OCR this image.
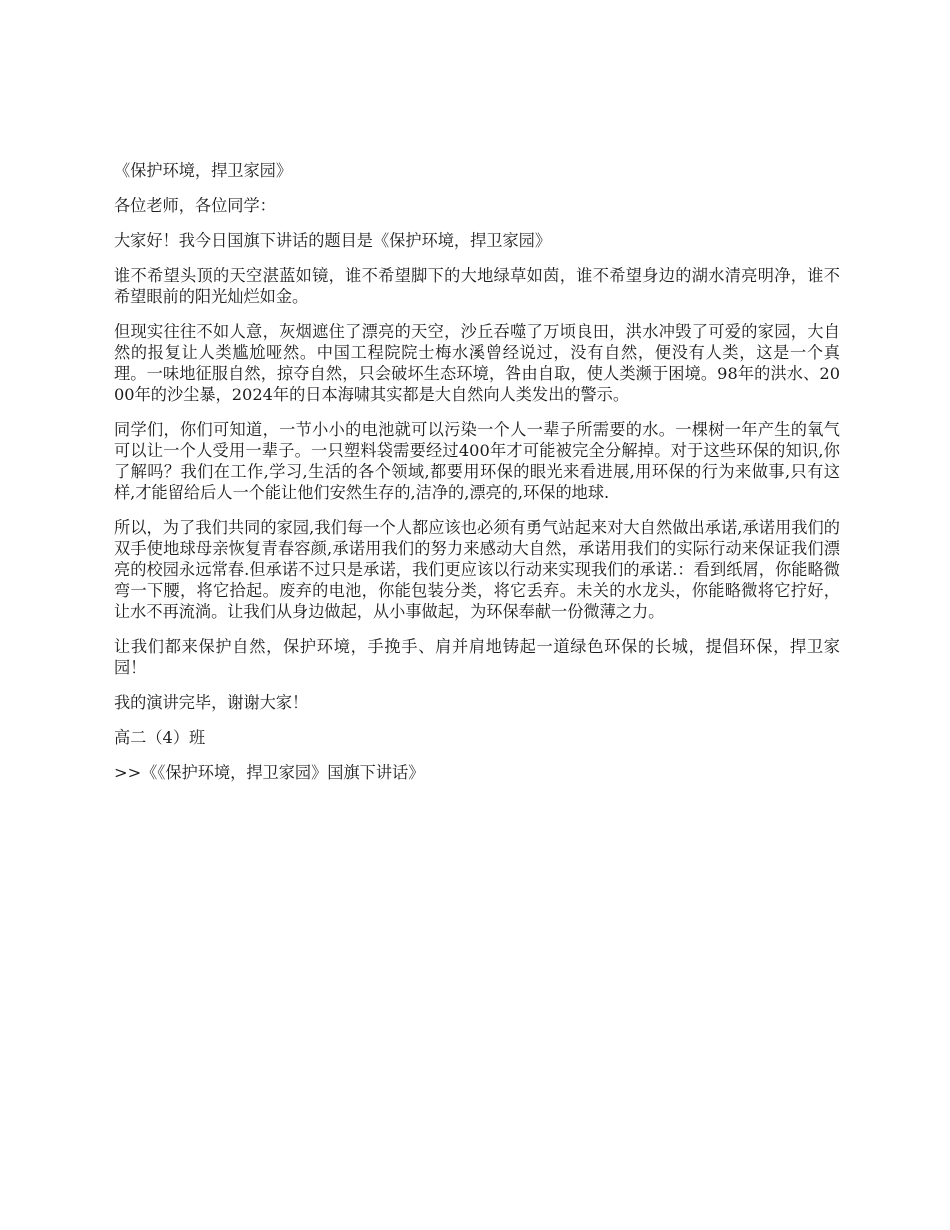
《保护环境，捍卫家园》

各位老师，各位同学：

大家好！我今日国旗下讲话的题目是《保护环境，捍卫家园》

谁不希望头顶的天空湛蓝如镜，谁不希望脚下的大地绿草如茵，谁不希望身边的湖水清亮明净，谁不希望眼前的阳光灿烂如金。

但现实往往不如人意，灰烟遮住了漂亮的天空，沙丘吞噬了万顷良田，洪水冲毁了可爱的家园，大自然的报复让人类尴尬哑然。中国工程院院士梅水溪曾经说过，没有自然，便没有人类，这是一个真理。一味地征服自然，掠夺自然，只会破坏生态环境，咎由自取，使人类濒于困境。98年的洪水、2000年的沙尘暴，2024年的日本海啸其实都是大自然向人类发出的警示。

同学们，你们可知道，一节小小的电池就可以污染一个人一辈子所需要的水。一棵树一年产生的氧气可以让一个人受用一辈子。一只塑料袋需要经过400年才可能被完全分解掉。对于这些环保的知识,你了解吗？我们在工作,学习,生活的各个领域,都要用环保的眼光来看进展,用环保的行为来做事,只有这样,才能留给后人一个能让他们安然生存的,洁净的,漂亮的,环保的地球.

所以，为了我们共同的家园,我们每一个人都应该也必须有勇气站起来对大自然做出承诺,承诺用我们的双手使地球母亲恢复青春容颜,承诺用我们的努力来感动大自然，承诺用我们的实际行动来保证我们漂亮的校园永远常春.但承诺不过只是承诺，我们更应该以行动来实现我们的承诺.：看到纸屑，你能略微弯一下腰，将它拾起。废弃的电池，你能包装分类，将它丢弃。未关的水龙头，你能略微将它拧好，让水不再流淌。让我们从身边做起，从小事做起，为环保奉献一份微薄之力。

让我们都来保护自然，保护环境，手挽手、肩并肩地铸起一道绿色环保的长城，提倡环保，捍卫家园！

我的演讲完毕，谢谢大家！

高二（4）班

>>《《保护环境，捍卫家园》国旗下讲话》
